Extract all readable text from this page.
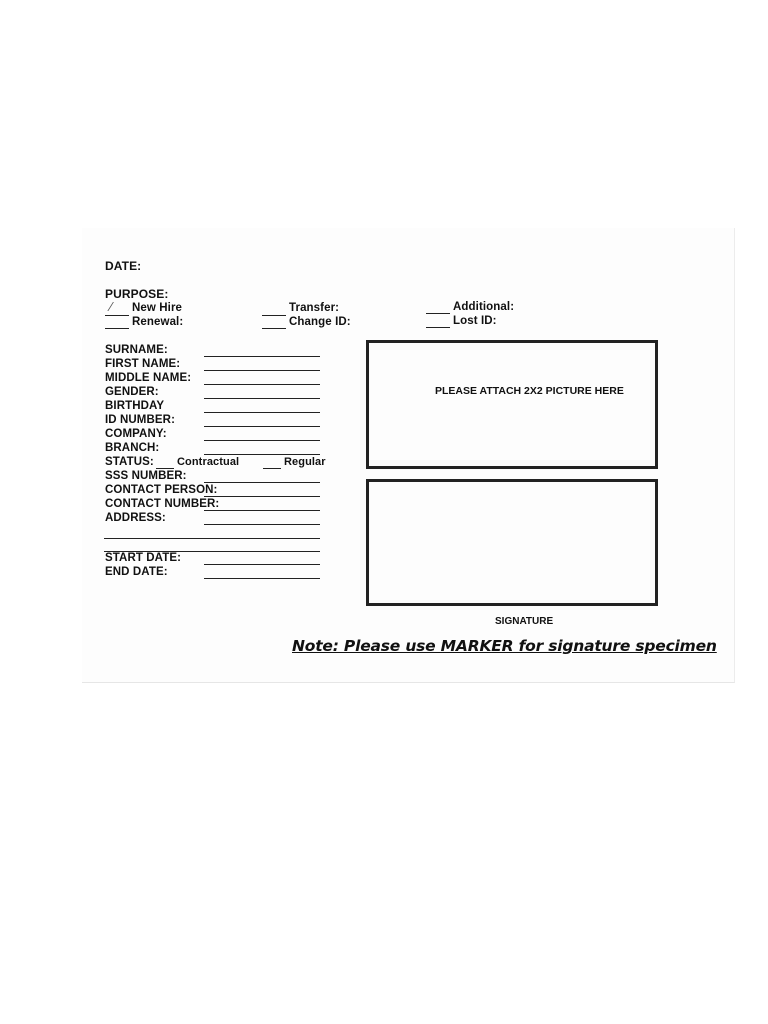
DATE:
PURPOSE:
⁄ New Hire
Renewal:
Transfer:
Change ID:
Additional:
Lost ID:
SURNAME:
FIRST NAME:
MIDDLE NAME:
GENDER:
BIRTHDAY
ID NUMBER:
COMPANY:
BRANCH:
STATUS: Contractual	Regular
SSS NUMBER:
CONTACT PERSON:
CONTACT NUMBER:
ADDRESS:
START DATE:
END DATE:
PLEASE ATTACH 2X2 PICTURE HERE
SIGNATURE
Note: Please use MARKER for signature specimen
